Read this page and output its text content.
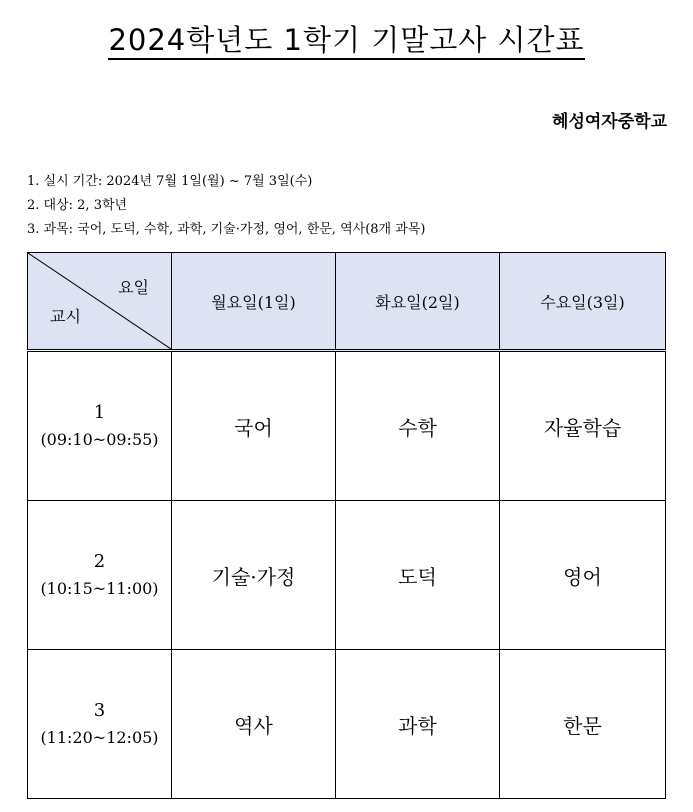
2024학년도 1학기 기말고사 시간표
혜성여자중학교
1. 실시 기간: 2024년 7월 1일(월) ~ 7월 3일(수)
2. 대상: 2, 3학년
3. 과목: 국어, 도덕, 수학, 과학, 기술·가정, 영어, 한문, 역사(8개 과목)
요일
교시	월요일(1일)	화요일(2일)	수요일(3일)

1
(09:10~09:55)	국어	수학	자율학습

2
(10:15~11:00)	기술·가정	도덕	영어

3
(11:20~12:05)	역사	과학	한문
